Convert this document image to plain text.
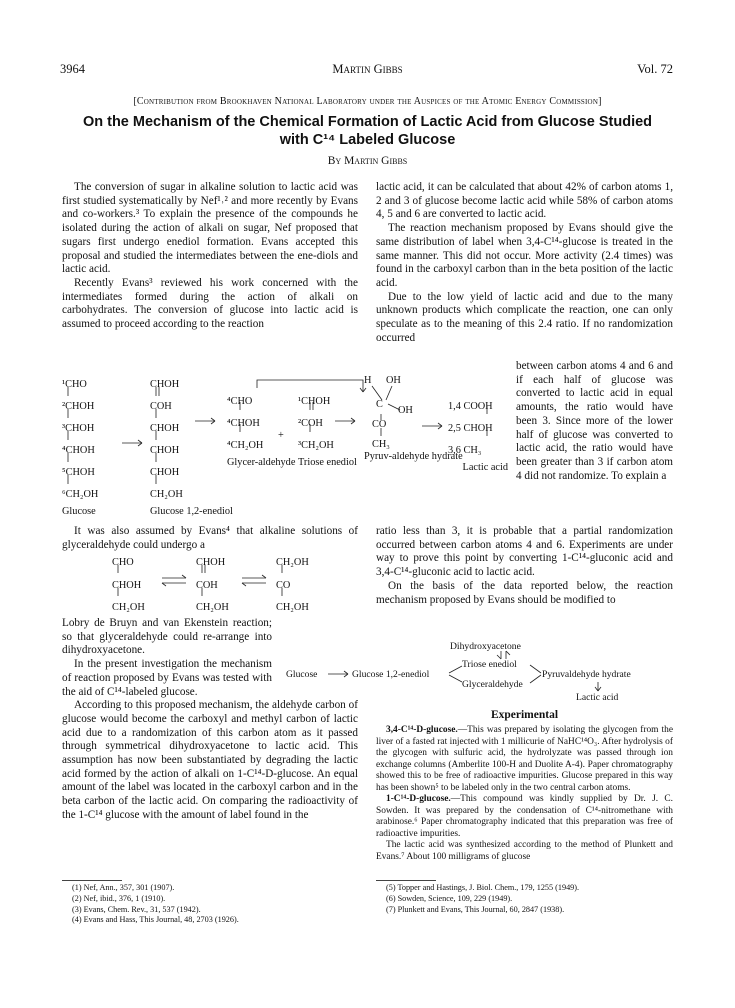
3964	Martin Gibbs	Vol. 72
[Contribution from Brookhaven National Laboratory under the Auspices of the Atomic Energy Commission]
On the Mechanism of the Chemical Formation of Lactic Acid from Glucose Studied
with C¹⁴ Labeled Glucose
By Martin Gibbs

The conversion of sugar in alkaline solution to lactic acid was first studied systematically by Nef¹˒² and more recently by Evans and co-workers.³ To explain the presence of the compounds he isolated during the action of alkali on sugar, Nef proposed that sugars first undergo enediol formation. Evans accepted this proposal and studied the intermediates between the ene-diols and lactic acid.

Recently Evans³ reviewed his work concerned with the intermediates formed during the action of alkali on carbohydrates. The conversion of glucose into lactic acid is assumed to proceed according to the reaction

¹CHO
²CHOH
³CHOH
⁴CHOH
⁵CHOH
⁶CH₂OH
Glucose
CHOH
COH
CHOH
CHOH
CHOH
CH₂OH
Glucose 1,2-enediol
⁴CHO
⁴CHOH
⁴CH₂OH
Glycer-aldehyde
+
¹CHOH
²COH
³CH₂OH
Triose enediol
H OH
C
OH
CO
CH₃
Pyruv-aldehyde hydrate
1,4 COOH
2,5 CHOH
3,6 CH₃
Lactic acid

lactic acid, it can be calculated that about 42% of carbon atoms 1, 2 and 3 of glucose become lactic acid while 58% of carbon atoms 4, 5 and 6 are converted to lactic acid.

The reaction mechanism proposed by Evans should give the same distribution of label when 3,4-C¹⁴-glucose is treated in the same manner. This did not occur. More activity (2.4 times) was found in the carboxyl carbon than in the beta position of the lactic acid.

Due to the low yield of lactic acid and due to the many unknown products which complicate the reaction, one can only speculate as to the meaning of this 2.4 ratio. If no randomization occurred

between carbon atoms 4 and 6 and if each half of glucose was converted to lactic acid in equal amounts, the ratio would have been 3. Since more of the lower half of glucose was converted to lactic acid, the ratio would have been greater than 3 if carbon atom 4 did not randomize. To explain a

ratio less than 3, it is probable that a partial randomization occurred between carbon atoms 4 and 6. Experiments are under way to prove this point by converting 1-C¹⁴-gluconic acid and 3,4-C¹⁴-gluconic acid to lactic acid.

On the basis of the data reported below, the reaction mechanism proposed by Evans should be modified to

It was also assumed by Evans⁴ that alkaline solutions of glyceraldehyde could undergo a

CHO
CHOH
CH₂OH
CHOH
COH
CH₂OH
CH₂OH
CO
CH₂OH

Lobry de Bruyn and van Ekenstein reaction; so that glyceraldehyde could re-arrange into dihydroxyacetone.

In the present investigation the mechanism of reaction proposed by Evans was tested with the aid of C¹⁴-labeled glucose.

According to this proposed mechanism, the aldehyde carbon of glucose would become the carboxyl and methyl carbon of lactic acid due to a randomization of this carbon atom as it passed through symmetrical dihydroxyacetone to lactic acid. This assumption has now been substantiated by degrading the lactic acid formed by the action of alkali on 1-C¹⁴-D-glucose. An equal amount of the label was located in the carboxyl carbon and in the beta carbon of the lactic acid. On comparing the radioactivity of the 1-C¹⁴ glucose with the amount of label found in the

Dihydroxyacetone
Glucose	Glucose 1,2-enediol
Triose enediol
Glyceraldehyde
Pyruvaldehyde hydrate
Lactic acid
Experimental

3,4-C¹⁴-D-glucose.—This was prepared by isolating the glycogen from the liver of a fasted rat injected with 1 millicurie of NaHC¹⁴O₃. After hydrolysis of the glycogen with sulfuric acid, the hydrolyzate was passed through ion exchange columns (Amberlite 100-H and Duolite A-4). Paper chromatography showed this to be free of radioactive impurities. Glucose prepared in this way has been shown⁵ to be labeled only in the two central carbon atoms.

1-C¹⁴-D-glucose.—This compound was kindly supplied by Dr. J. C. Sowden. It was prepared by the condensation of C¹⁴-nitromethane with arabinose.⁶ Paper chromatography indicated that this preparation was free of radioactive impurities.

The lactic acid was synthesized according to the method of Plunkett and Evans.⁷ About 100 milligrams of glucose

(1) Nef, Ann., 357, 301 (1907).
(2) Nef, ibid., 376, 1 (1910).
(3) Evans, Chem. Rev., 31, 537 (1942).
(4) Evans and Hass, This Journal, 48, 2703 (1926).
(5) Topper and Hastings, J. Biol. Chem., 179, 1255 (1949).
(6) Sowden, Science, 109, 229 (1949).
(7) Plunkett and Evans, This Journal, 60, 2847 (1938).
